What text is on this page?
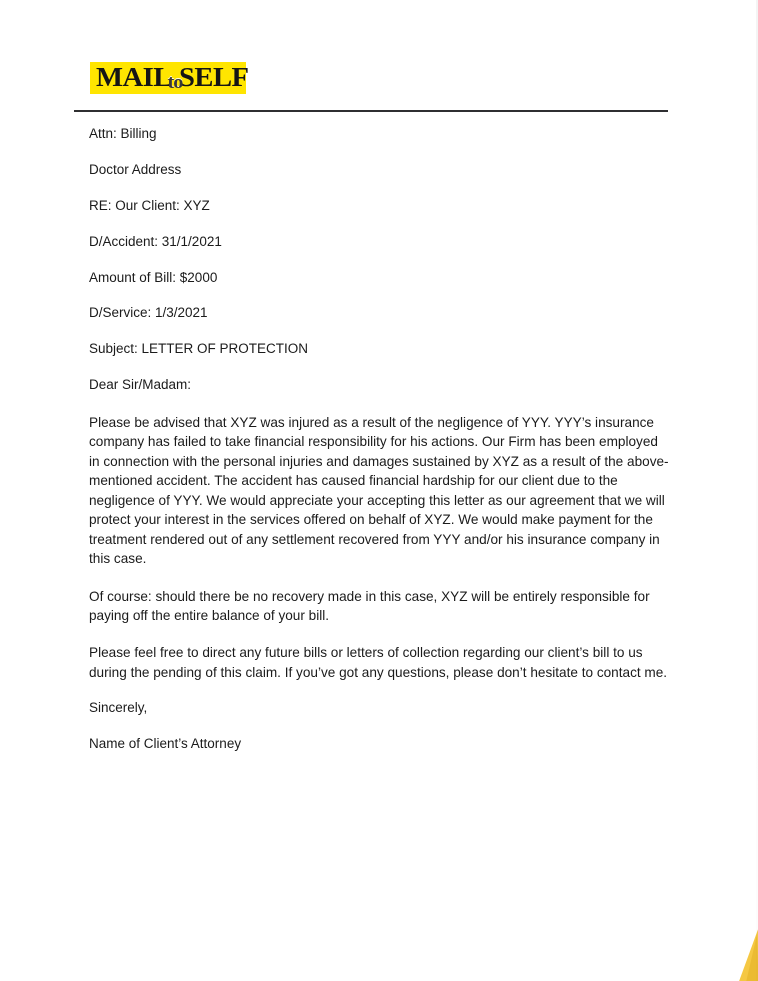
MAILtoSELF
Attn: Billing
Doctor Address
RE: Our Client: XYZ
D/Accident: 31/1/2021
Amount of Bill: $2000
D/Service: 1/3/2021
Subject: LETTER OF PROTECTION
Dear Sir/Madam:

Please be advised that XYZ was injured as a result of the negligence of YYY. YYY’s insurance company has failed to take financial responsibility for his actions. Our Firm has been employed in connection with the personal injuries and damages sustained by XYZ as a result of the above-mentioned accident. The accident has caused financial hardship for our client due to the negligence of YYY. We would appreciate your accepting this letter as our agreement that we will protect your interest in the services offered on behalf of XYZ. We would make payment for the treatment rendered out of any settlement recovered from YYY and/or his insurance company in this case.

Of course: should there be no recovery made in this case, XYZ will be entirely responsible for paying off the entire balance of your bill.

Please feel free to direct any future bills or letters of collection regarding our client’s bill to us during the pending of this claim. If you’ve got any questions, please don’t hesitate to contact me.

Sincerely,
Name of Client’s Attorney
